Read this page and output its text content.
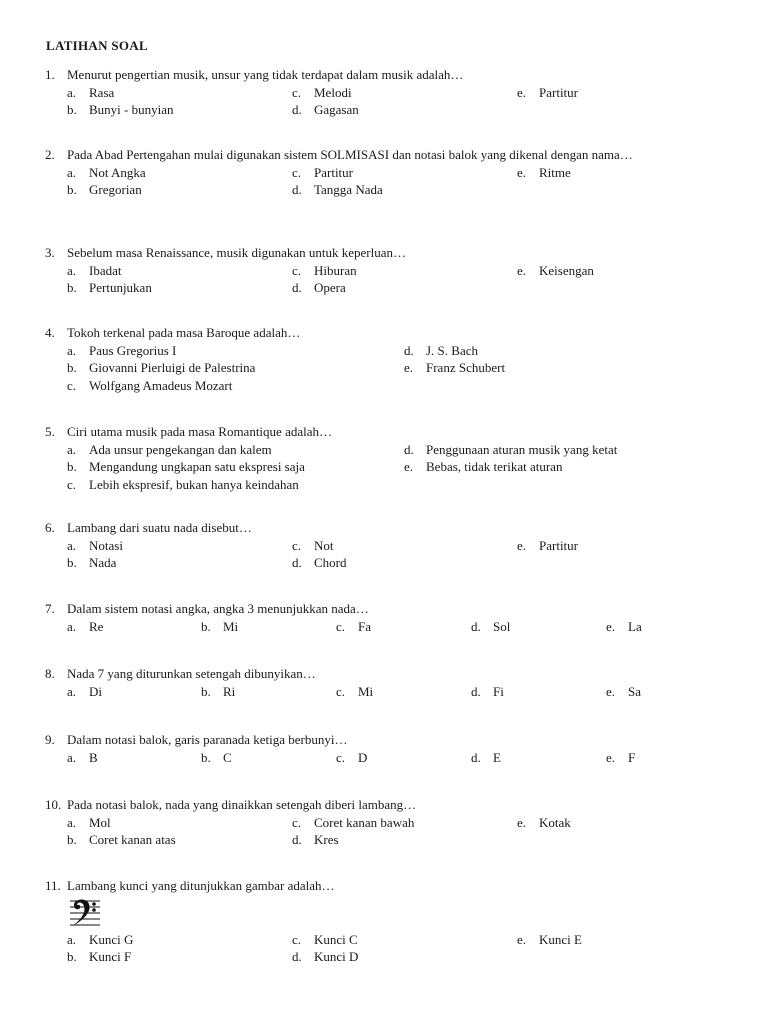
LATIHAN SOAL
1. Menurut pengertian musik, unsur yang tidak terdapat dalam musik adalah…
a. Rasa	c. Melodi	e. Partitur
b. Bunyi - bunyian	d. Gagasan
2. Pada Abad Pertengahan mulai digunakan sistem SOLMISASI dan notasi balok yang dikenal dengan nama…
a. Not Angka	c. Partitur	e. Ritme
b. Gregorian	d. Tangga Nada
3. Sebelum masa Renaissance, musik digunakan untuk keperluan…
a. Ibadat	c. Hiburan	e. Keisengan
b. Pertunjukan	d. Opera
4. Tokoh terkenal pada masa Baroque adalah…
a. Paus Gregorius I	d. J. S. Bach
b. Giovanni Pierluigi de Palestrina	e. Franz Schubert
c. Wolfgang Amadeus Mozart
5. Ciri utama musik pada masa Romantique adalah…
a. Ada unsur pengekangan dan kalem	d. Penggunaan aturan musik yang ketat
b. Mengandung ungkapan satu ekspresi saja	e. Bebas, tidak terikat aturan
c. Lebih ekspresif, bukan hanya keindahan
6. Lambang dari suatu nada disebut…
a. Notasi	c. Not	e. Partitur
b. Nada	d. Chord
7. Dalam sistem notasi angka, angka 3 menunjukkan nada…
a. Re	b. Mi	c. Fa	d. Sol	e. La
8. Nada 7 yang diturunkan setengah dibunyikan…
a. Di	b. Ri	c. Mi	d. Fi	e. Sa
9. Dalam notasi balok, garis paranada ketiga berbunyi…
a. B	b. C	c. D	d. E	e. F
10. Pada notasi balok, nada yang dinaikkan setengah diberi lambang…
a. Mol	c. Coret kanan bawah	e. Kotak
b. Coret kanan atas	d. Kres
11. Lambang kunci yang ditunjukkan gambar adalah…
a. Kunci G	c. Kunci C	e. Kunci E
b. Kunci F	d. Kunci D
